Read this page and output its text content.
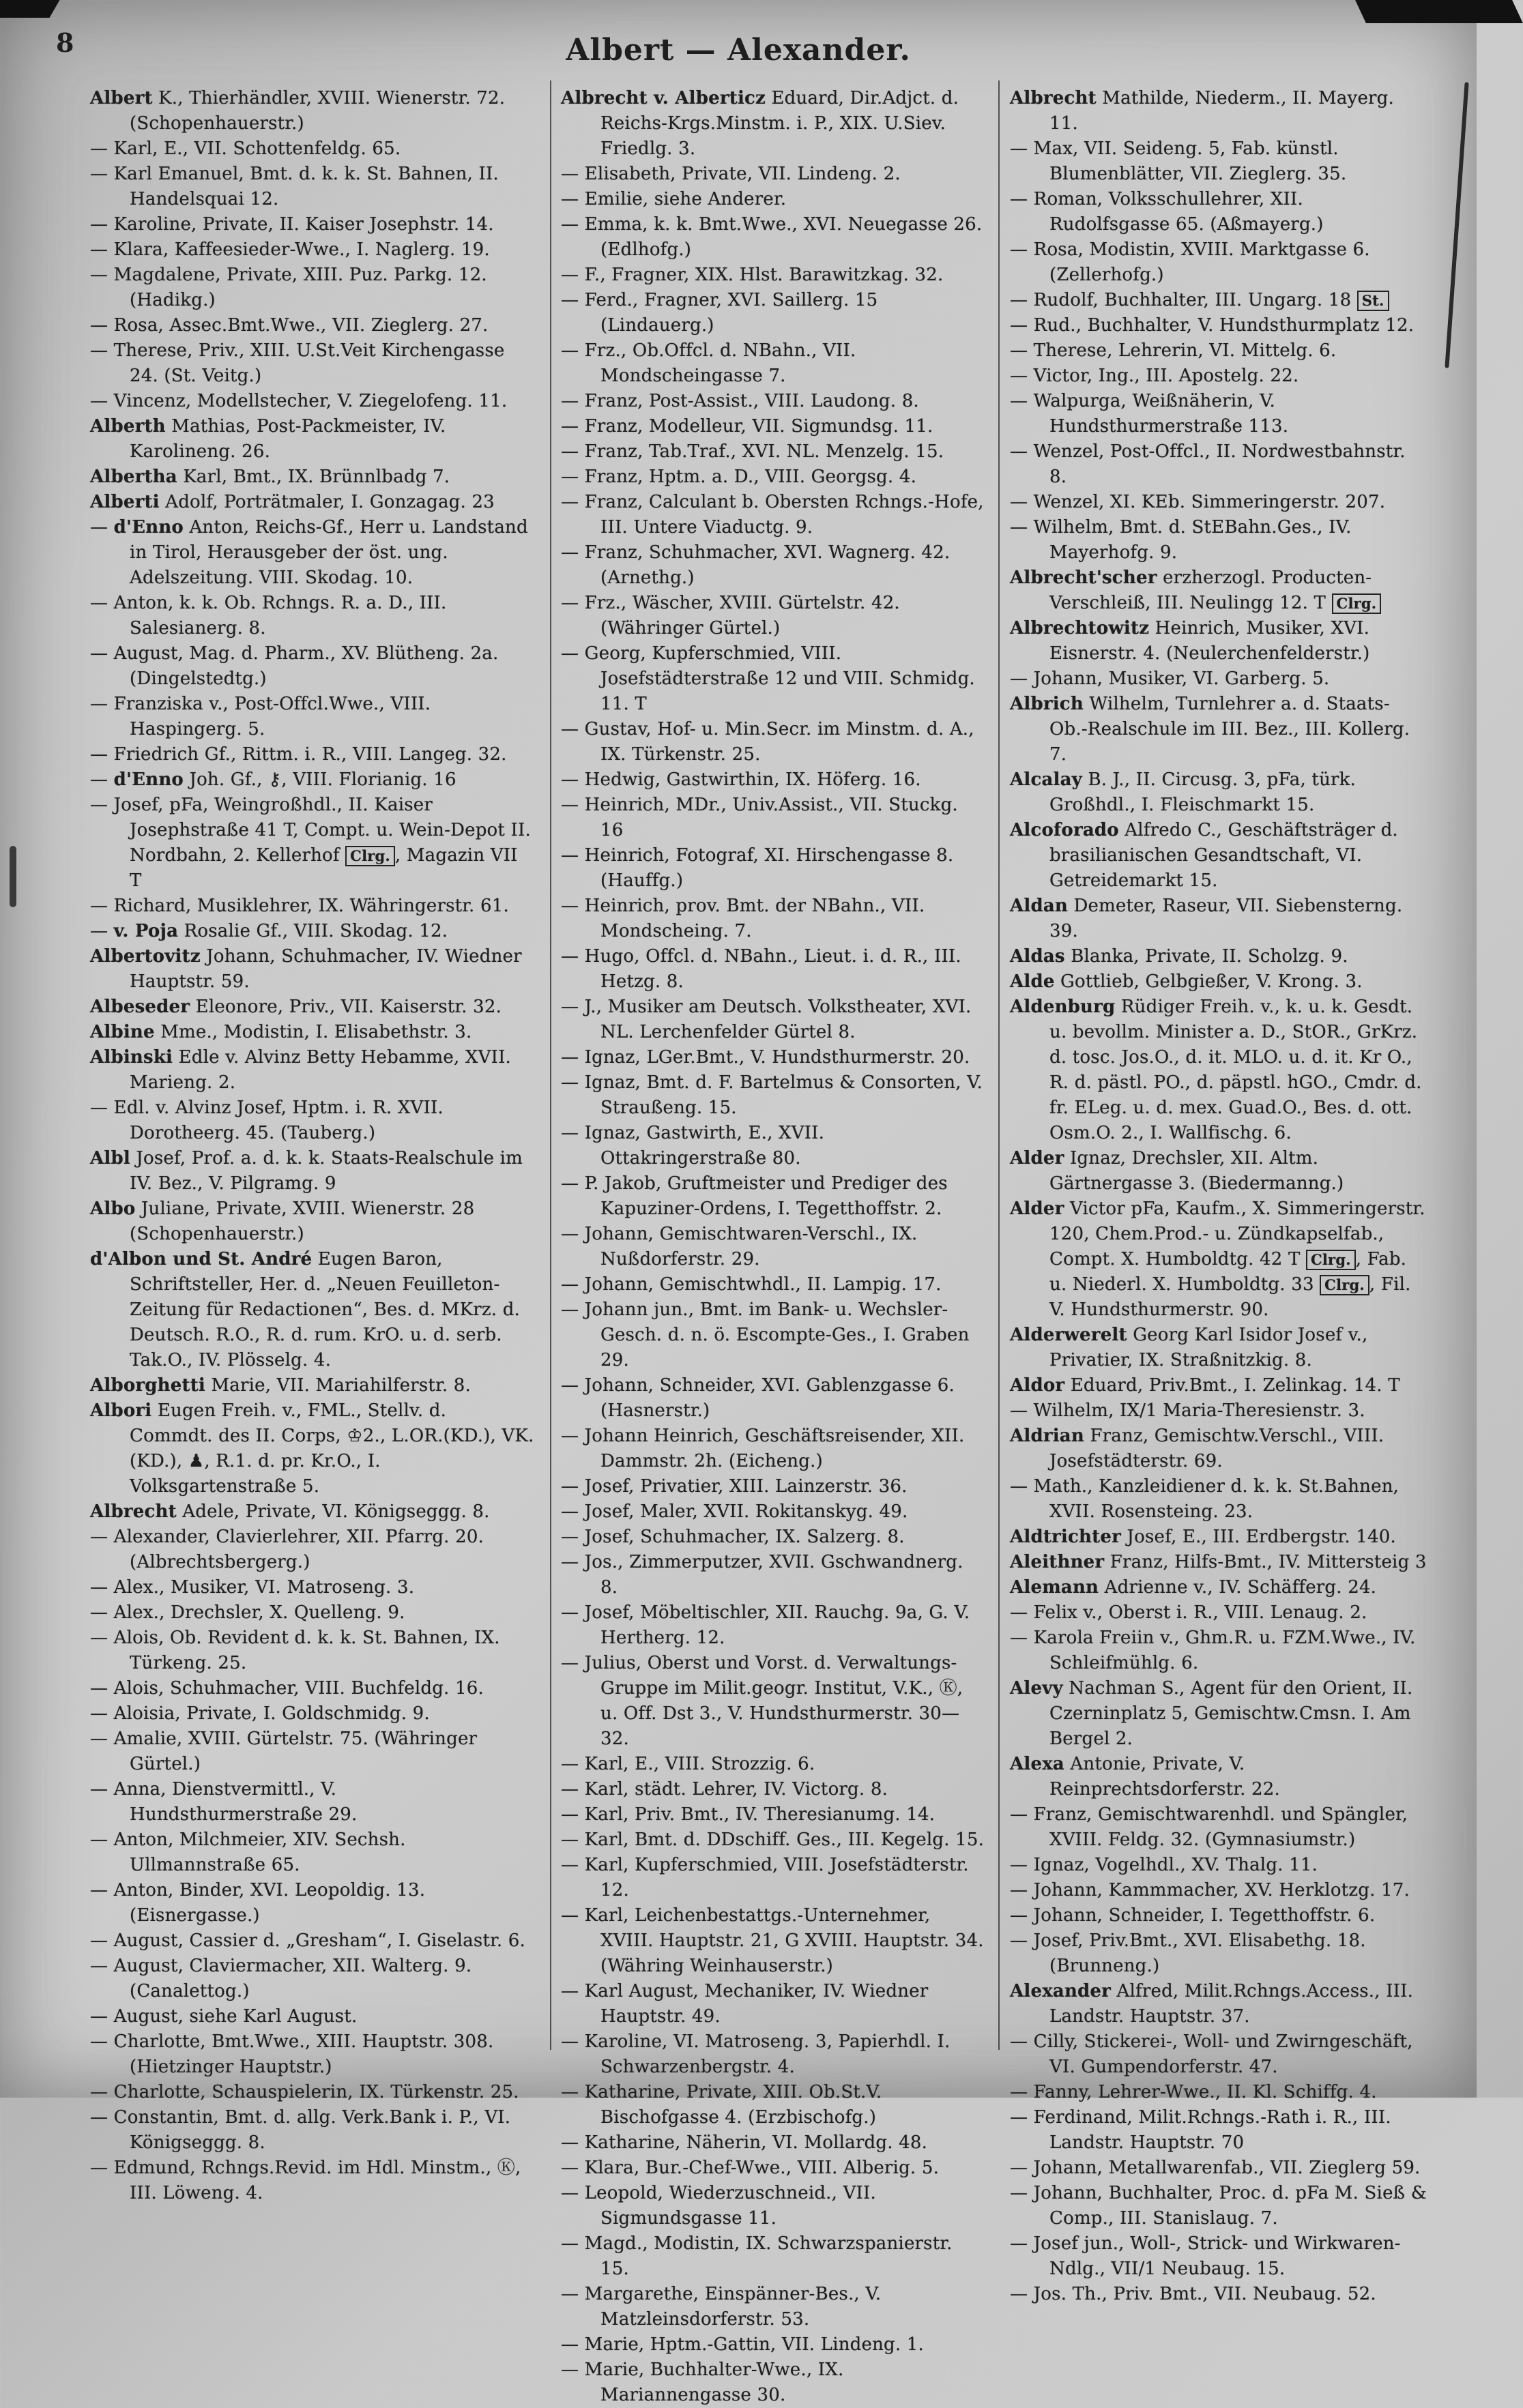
8	Albert — Alexander.

Albert K., Thierhändler, XVIII. Wienerstr. 72. (Schopenhauerstr.)

— Karl, E., VII. Schottenfeldg. 65.

— Karl Emanuel, Bmt. d. k. k. St. Bahnen, II. Handelsquai 12.

— Karoline, Private, II. Kaiser Josephstr. 14.

— Klara, Kaffeesieder-Wwe., I. Naglerg. 19.

— Magdalene, Private, XIII. Puz. Parkg. 12. (Hadikg.)

— Rosa, Assec.Bmt.Wwe., VII. Zieglerg. 27.

— Therese, Priv., XIII. U.St.Veit Kirchengasse 24. (St. Veitg.)

— Vincenz, Modellstecher, V. Ziegelofeng. 11.

Alberth Mathias, Post-Packmeister, IV. Karolineng. 26.

Albertha Karl, Bmt., IX. Brünnlbadg 7.

Alberti Adolf, Porträtmaler, I. Gonzagag. 23

— d'Enno Anton, Reichs-Gf., Herr u. Landstand in Tirol, Herausgeber der öst. ung. Adelszeitung. VIII. Skodag. 10.

— Anton, k. k. Ob. Rchngs. R. a. D., III. Salesianerg. 8.

— August, Mag. d. Pharm., XV. Blütheng. 2a. (Dingelstedtg.)

— Franziska v., Post-Offcl.Wwe., VIII. Haspingerg. 5.

— Friedrich Gf., Rittm. i. R., VIII. Langeg. 32.

— d'Enno Joh. Gf., ⚷, VIII. Florianig. 16

— Josef, pFa, Weingroßhdl., II. Kaiser Josephstraße 41 T, Compt. u. Wein-Depot II. Nordbahn, 2. Kellerhof Clrg. , Magazin VII T

— Richard, Musiklehrer, IX. Währingerstr. 61.

— v. Poja Rosalie Gf., VIII. Skodag. 12.

Albertovitz Johann, Schuhmacher, IV. Wiedner Hauptstr. 59.

Albeseder Eleonore, Priv., VII. Kaiserstr. 32.

Albine Mme., Modistin, I. Elisabethstr. 3.

Albinski Edle v. Alvinz Betty Hebamme, XVII. Marieng. 2.

— Edl. v. Alvinz Josef, Hptm. i. R. XVII. Dorotheerg. 45. (Tauberg.)

Albl Josef, Prof. a. d. k. k. Staats-Realschule im IV. Bez., V. Pilgramg. 9

Albo Juliane, Private, XVIII. Wienerstr. 28 (Schopenhauerstr.)

d'Albon und St. André Eugen Baron, Schriftsteller, Her. d. „Neuen Feuilleton-Zeitung für Redactionen“, Bes. d. MKrz. d. Deutsch. R.O., R. d. rum. KrO. u. d. serb. Tak.O., IV. Plösselg. 4.

Alborghetti Marie, VII. Mariahilferstr. 8.

Albori Eugen Freih. v., FML., Stellv. d. Commdt. des II. Corps, ♔2., L.OR.(KD.), VK. (KD.), ♟, R.1. d. pr. Kr.O., I. Volksgartenstraße 5.

Albrecht Adele, Private, VI. Königseggg. 8.

— Alexander, Clavierlehrer, XII. Pfarrg. 20. (Albrechtsbergerg.)

— Alex., Musiker, VI. Matroseng. 3.

— Alex., Drechsler, X. Quelleng. 9.

— Alois, Ob. Revident d. k. k. St. Bahnen, IX. Türkeng. 25.

— Alois, Schuhmacher, VIII. Buchfeldg. 16.

— Aloisia, Private, I. Goldschmidg. 9.

— Amalie, XVIII. Gürtelstr. 75. (Währinger Gürtel.)

— Anna, Dienstvermittl., V. Hundsthurmerstraße 29.

— Anton, Milchmeier, XIV. Sechsh. Ullmannstraße 65.

— Anton, Binder, XVI. Leopoldig. 13. (Eisnergasse.)

— August, Cassier d. „Gresham“, I. Giselastr. 6.

— August, Claviermacher, XII. Walterg. 9. (Canalettog.)

— August, siehe Karl August.

— Charlotte, Bmt.Wwe., XIII. Hauptstr. 308. (Hietzinger Hauptstr.)

— Charlotte, Schauspielerin, IX. Türkenstr. 25.

— Constantin, Bmt. d. allg. Verk.Bank i. P., VI. Königseggg. 8.

— Edmund, Rchngs.Revid. im Hdl. Minstm., Ⓚ, III. Löweng. 4.

Albrecht v. Alberticz Eduard, Dir.Adjct. d. Reichs-Krgs.Minstm. i. P., XIX. U.Siev. Friedlg. 3.

— Elisabeth, Private, VII. Lindeng. 2.

— Emilie, siehe Anderer.

— Emma, k. k. Bmt.Wwe., XVI. Neuegasse 26. (Edlhofg.)

— F., Fragner, XIX. Hlst. Barawitzkag. 32.

— Ferd., Fragner, XVI. Saillerg. 15 (Lindauerg.)

— Frz., Ob.Offcl. d. NBahn., VII. Mondscheingasse 7.

— Franz, Post-Assist., VIII. Laudong. 8.

— Franz, Modelleur, VII. Sigmundsg. 11.

— Franz, Tab.Traf., XVI. NL. Menzelg. 15.

— Franz, Hptm. a. D., VIII. Georgsg. 4.

— Franz, Calculant b. Obersten Rchngs.-Hofe, III. Untere Viaductg. 9.

— Franz, Schuhmacher, XVI. Wagnerg. 42. (Arnethg.)

— Frz., Wäscher, XVIII. Gürtelstr. 42. (Währinger Gürtel.)

— Georg, Kupferschmied, VIII. Josefstädterstraße 12 und VIII. Schmidg. 11. T

— Gustav, Hof- u. Min.Secr. im Minstm. d. A., IX. Türkenstr. 25.

— Hedwig, Gastwirthin, IX. Höferg. 16.

— Heinrich, MDr., Univ.Assist., VII. Stuckg. 16

— Heinrich, Fotograf, XI. Hirschengasse 8. (Hauffg.)

— Heinrich, prov. Bmt. der NBahn., VII. Mondscheing. 7.

— Hugo, Offcl. d. NBahn., Lieut. i. d. R., III. Hetzg. 8.

— J., Musiker am Deutsch. Volkstheater, XVI. NL. Lerchenfelder Gürtel 8.

— Ignaz, LGer.Bmt., V. Hundsthurmerstr. 20.

— Ignaz, Bmt. d. F. Bartelmus & Consorten, V. Straußeng. 15.

— Ignaz, Gastwirth, E., XVII. Ottakringerstraße 80.

— P. Jakob, Gruftmeister und Prediger des Kapuziner-Ordens, I. Tegetthoffstr. 2.

— Johann, Gemischtwaren-Verschl., IX. Nußdorferstr. 29.

— Johann, Gemischtwhdl., II. Lampig. 17.

— Johann jun., Bmt. im Bank- u. Wechsler-Gesch. d. n. ö. Escompte-Ges., I. Graben 29.

— Johann, Schneider, XVI. Gablenzgasse 6. (Hasnerstr.)

— Johann Heinrich, Geschäftsreisender, XII. Dammstr. 2h. (Eicheng.)

— Josef, Privatier, XIII. Lainzerstr. 36.

— Josef, Maler, XVII. Rokitanskyg. 49.

— Josef, Schuhmacher, IX. Salzerg. 8.

— Jos., Zimmerputzer, XVII. Gschwandnerg. 8.

— Josef, Möbeltischler, XII. Rauchg. 9a, G. V. Hertherg. 12.

— Julius, Oberst und Vorst. d. Verwaltungs-Gruppe im Milit.geogr. Institut, V.K., Ⓚ, u. Off. Dst 3., V. Hundsthurmerstr. 30—32.

— Karl, E., VIII. Strozzig. 6.

— Karl, städt. Lehrer, IV. Victorg. 8.

— Karl, Priv. Bmt., IV. Theresianumg. 14.

— Karl, Bmt. d. DDschiff. Ges., III. Kegelg. 15.

— Karl, Kupferschmied, VIII. Josefstädterstr. 12.

— Karl, Leichenbestattgs.-Unternehmer, XVIII. Hauptstr. 21, G XVIII. Hauptstr. 34. (Währing Weinhauserstr.)

— Karl August, Mechaniker, IV. Wiedner Hauptstr. 49.

— Karoline, VI. Matroseng. 3, Papierhdl. I. Schwarzenbergstr. 4.

— Katharine, Private, XIII. Ob.St.V. Bischofgasse 4. (Erzbischofg.)

— Katharine, Näherin, VI. Mollardg. 48.

— Klara, Bur.-Chef-Wwe., VIII. Alberig. 5.

— Leopold, Wiederzuschneid., VII. Sigmundsgasse 11.

— Magd., Modistin, IX. Schwarzspanierstr. 15.

— Margarethe, Einspänner-Bes., V. Matzleinsdorferstr. 53.

— Marie, Hptm.-Gattin, VII. Lindeng. 1.

— Marie, Buchhalter-Wwe., IX. Mariannengasse 30.

Albrecht Mathilde, Niederm., II. Mayerg. 11.

— Max, VII. Seideng. 5, Fab. künstl. Blumenblätter, VII. Zieglerg. 35.

— Roman, Volksschullehrer, XII. Rudolfsgasse 65. (Aßmayerg.)

— Rosa, Modistin, XVIII. Marktgasse 6. (Zellerhofg.)

— Rudolf, Buchhalter, III. Ungarg. 18 St.

— Rud., Buchhalter, V. Hundsthurmplatz 12.

— Therese, Lehrerin, VI. Mittelg. 6.

— Victor, Ing., III. Apostelg. 22.

— Walpurga, Weißnäherin, V. Hundsthurmerstraße 113.

— Wenzel, Post-Offcl., II. Nordwestbahnstr. 8.

— Wenzel, XI. KEb. Simmeringerstr. 207.

— Wilhelm, Bmt. d. StEBahn.Ges., IV. Mayerhofg. 9.

Albrecht'scher erzherzogl. Producten-Verschleiß, III. Neulingg 12. T Clrg.

Albrechtowitz Heinrich, Musiker, XVI. Eisnerstr. 4. (Neulerchenfelderstr.)

— Johann, Musiker, VI. Garberg. 5.

Albrich Wilhelm, Turnlehrer a. d. Staats- Ob.-Realschule im III. Bez., III. Kollerg. 7.

Alcalay B. J., II. Circusg. 3, pFa, türk. Großhdl., I. Fleischmarkt 15.

Alcoforado Alfredo C., Geschäftsträger d. brasilianischen Gesandtschaft, VI. Getreidemarkt 15.

Aldan Demeter, Raseur, VII. Siebensterng. 39.

Aldas Blanka, Private, II. Scholzg. 9.

Alde Gottlieb, Gelbgießer, V. Krong. 3.

Aldenburg Rüdiger Freih. v., k. u. k. Gesdt. u. bevollm. Minister a. D., StOR., GrKrz. d. tosc. Jos.O., d. it. MLO. u. d. it. Kr O., R. d. pästl. PO., d. päpstl. hGO., Cmdr. d. fr. ELeg. u. d. mex. Guad.O., Bes. d. ott. Osm.O. 2., I. Wallfischg. 6.

Alder Ignaz, Drechsler, XII. Altm. Gärtnergasse 3. (Biedermanng.)

Alder Victor pFa, Kaufm., X. Simmeringerstr. 120, Chem.Prod.- u. Zündkapselfab., Compt. X. Humboldtg. 42 T Clrg. , Fab. u. Niederl. X. Humboldtg. 33 Clrg. , Fil. V. Hundsthurmerstr. 90.

Alderwerelt Georg Karl Isidor Josef v., Privatier, IX. Straßnitzkig. 8.

Aldor Eduard, Priv.Bmt., I. Zelinkag. 14. T

— Wilhelm, IX/1 Maria-Theresienstr. 3.

Aldrian Franz, Gemischtw.Verschl., VIII. Josefstädterstr. 69.

— Math., Kanzleidiener d. k. k. St.Bahnen, XVII. Rosensteing. 23.

Aldtrichter Josef, E., III. Erdbergstr. 140.

Aleithner Franz, Hilfs-Bmt., IV. Mittersteig 3

Alemann Adrienne v., IV. Schäfferg. 24.

— Felix v., Oberst i. R., VIII. Lenaug. 2.

— Karola Freiin v., Ghm.R. u. FZM.Wwe., IV. Schleifmühlg. 6.

Alevy Nachman S., Agent für den Orient, II. Czerninplatz 5, Gemischtw.Cmsn. I. Am Bergel 2.

Alexa Antonie, Private, V. Reinprechtsdorferstr. 22.

— Franz, Gemischtwarenhdl. und Spängler, XVIII. Feldg. 32. (Gymnasiumstr.)

— Ignaz, Vogelhdl., XV. Thalg. 11.

— Johann, Kammmacher, XV. Herklotzg. 17.

— Johann, Schneider, I. Tegetthoffstr. 6.

— Josef, Priv.Bmt., XVI. Elisabethg. 18. (Brunneng.)

Alexander Alfred, Milit.Rchngs.Access., III. Landstr. Hauptstr. 37.

— Cilly, Stickerei-, Woll- und Zwirngeschäft, VI. Gumpendorferstr. 47.

— Fanny, Lehrer-Wwe., II. Kl. Schiffg. 4.

— Ferdinand, Milit.Rchngs.-Rath i. R., III. Landstr. Hauptstr. 70

— Johann, Metallwarenfab., VII. Zieglerg 59.

— Johann, Buchhalter, Proc. d. pFa M. Sieß & Comp., III. Stanislaug. 7.

— Josef jun., Woll-, Strick- und Wirkwaren-Ndlg., VII/1 Neubaug. 15.

— Jos. Th., Priv. Bmt., VII. Neubaug. 52.
